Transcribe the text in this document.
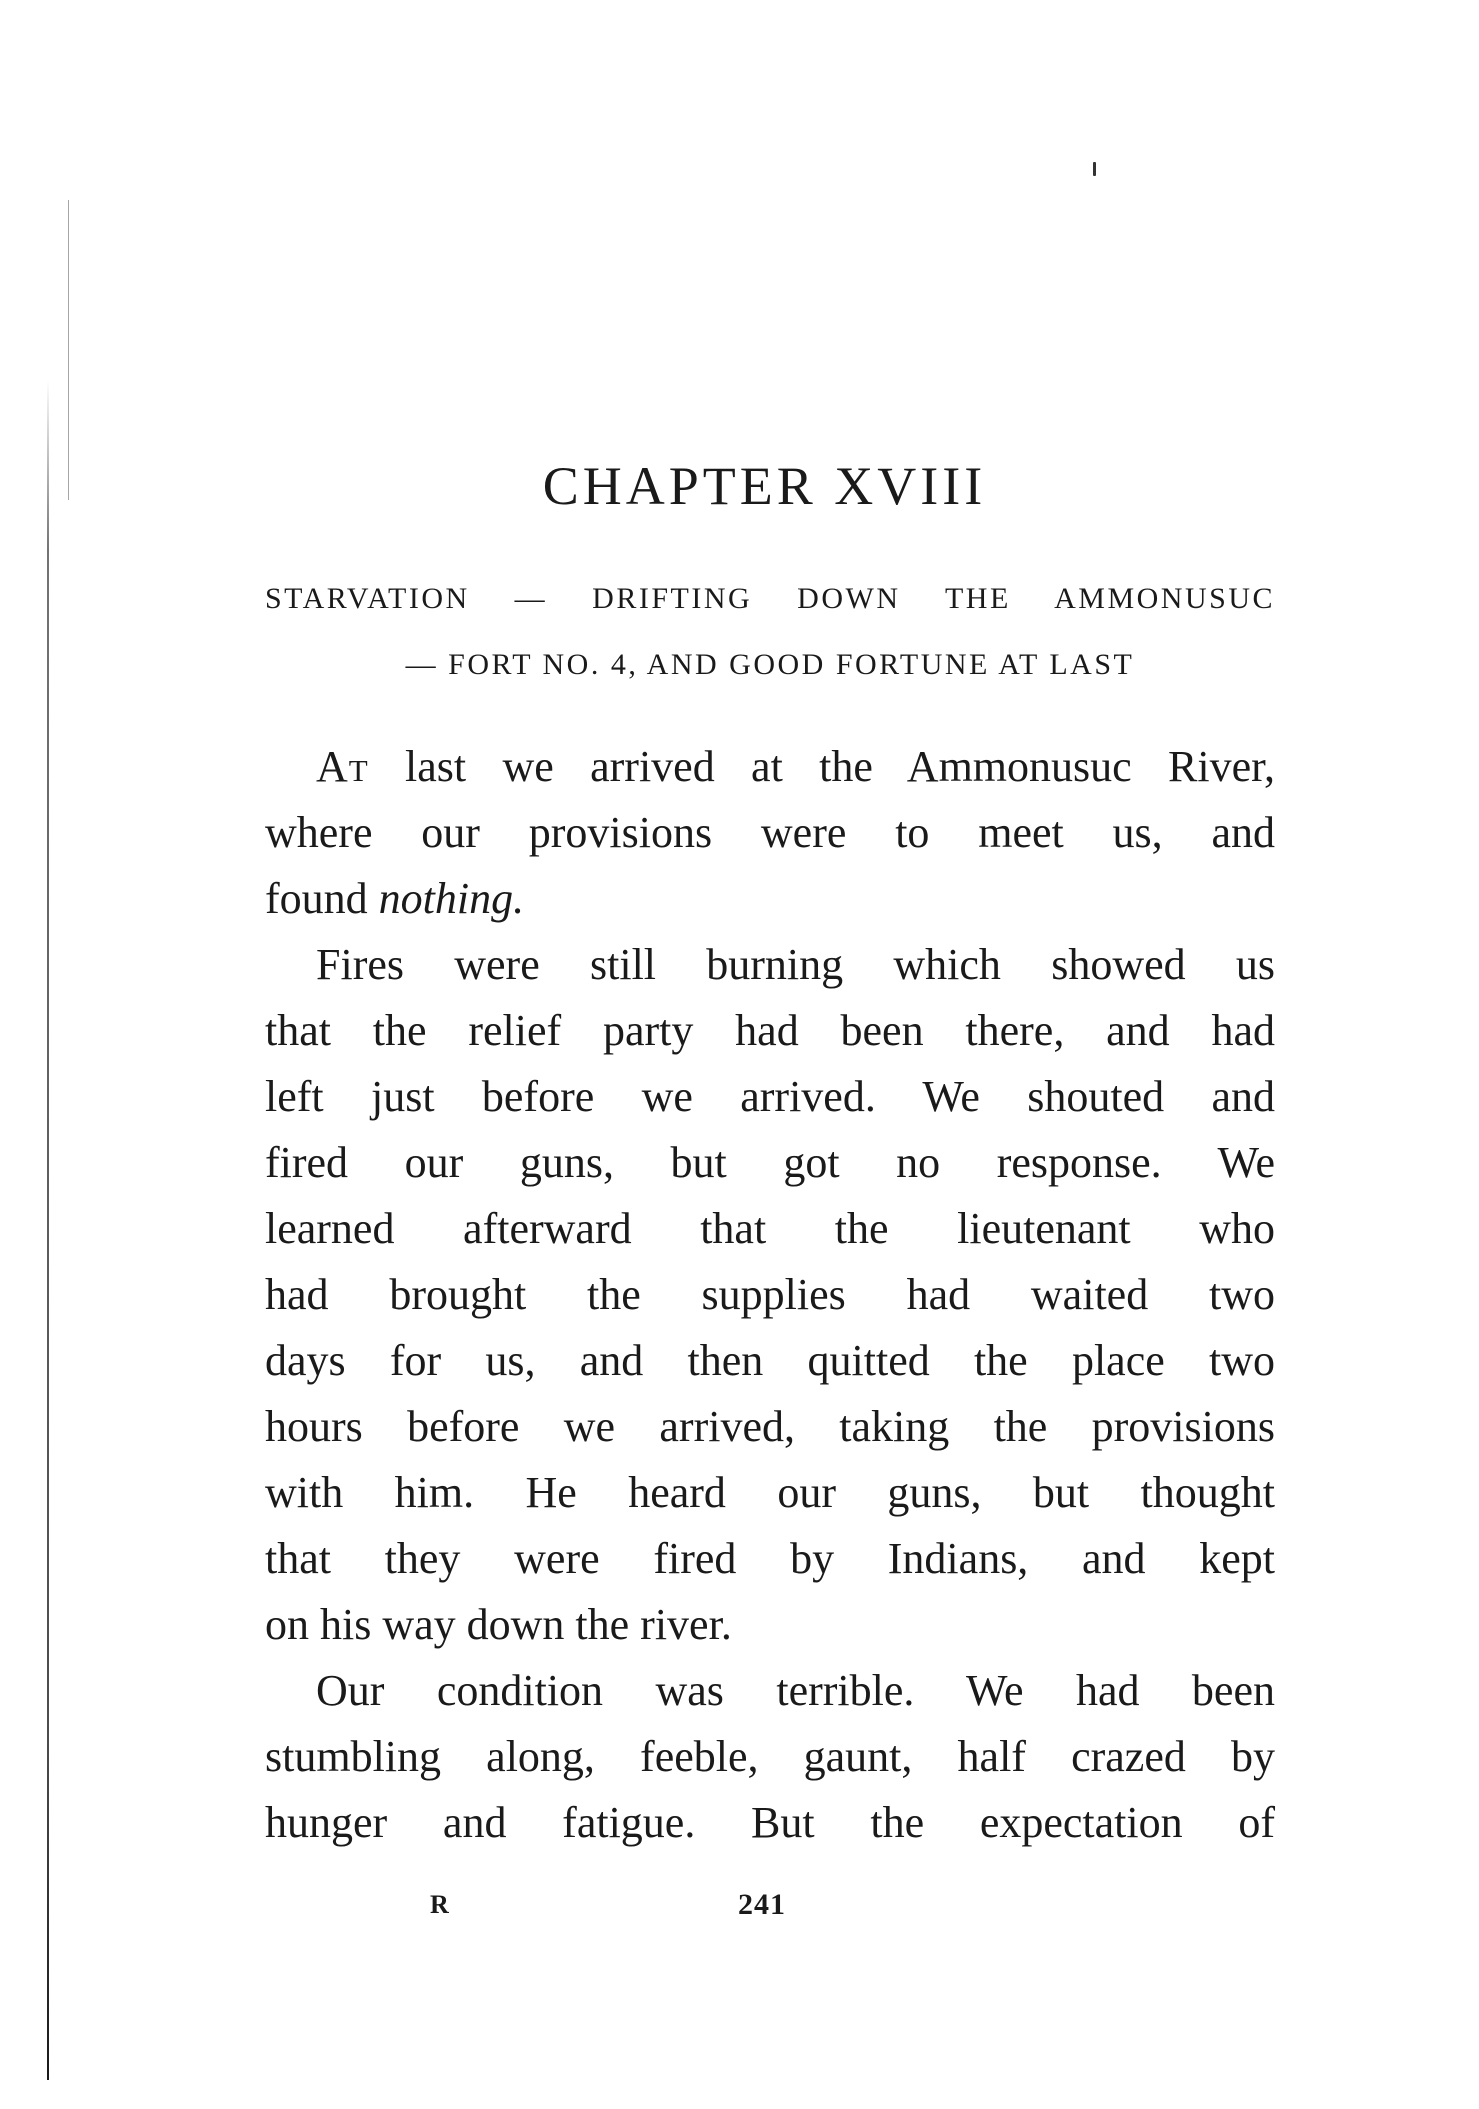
CHAPTER XVIII
STARVATION — DRIFTING DOWN THE AMMONUSUC
— FORT NO. 4, AND GOOD FORTUNE AT LAST
At last we arrived at the Ammonusuc River,
where our provisions were to meet us, and
found nothing.
Fires were still burning which showed us
that the relief party had been there, and had
left just before we arrived. We shouted and
fired our guns, but got no response. We
learned afterward that the lieutenant who
had brought the supplies had waited two
days for us, and then quitted the place two
hours before we arrived, taking the provisions
with him. He heard our guns, but thought
that they were fired by Indians, and kept
on his way down the river.
Our condition was terrible. We had been
stumbling along, feeble, gaunt, half crazed by
hunger and fatigue. But the expectation of
R	241
